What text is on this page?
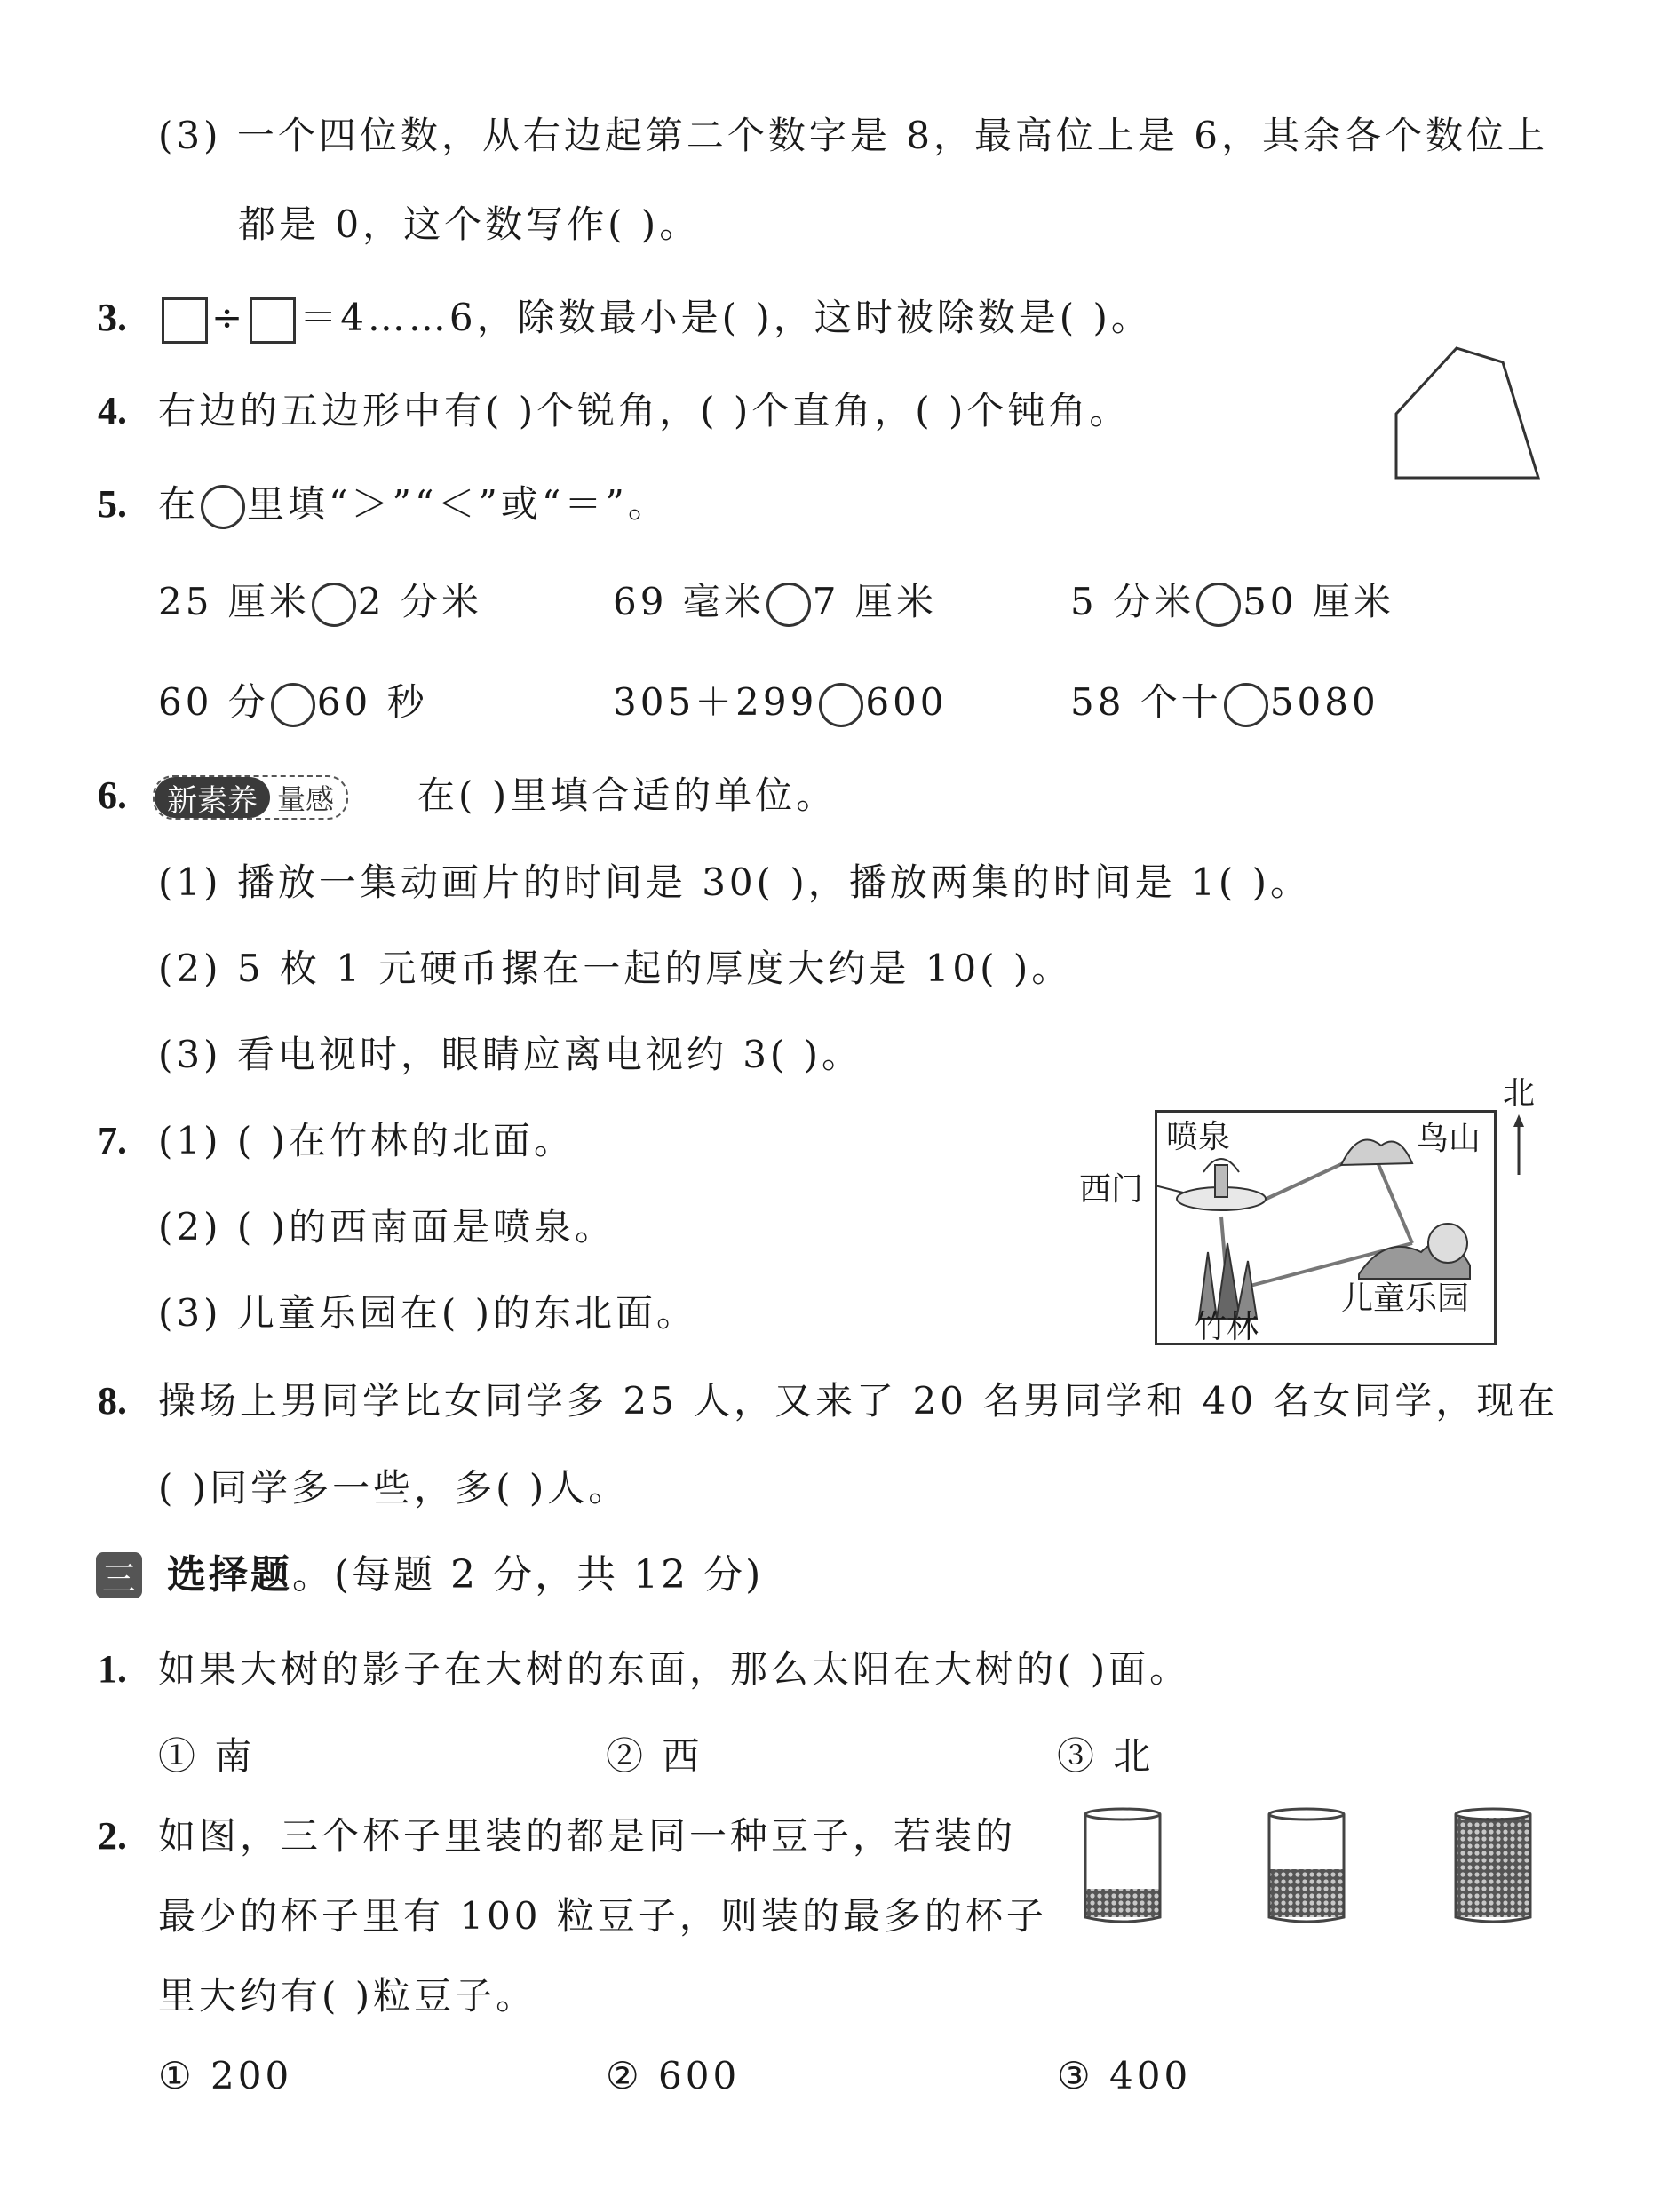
(3) 一个四位数，从右边起第二个数字是 8，最高位上是 6，其余各个数位上
都是 0，这个数写作( )。
3.	÷ ＝4……6，除数最小是( )，这时被除数是( )。
4. 右边的五边形中有( )个锐角，( )个直角，( )个钝角。
5. 在 里填“＞”“＜”或“＝”。
25 厘米 2 分米	69 毫米 7 厘米	5 分米 50 厘米
60 分 60 秒	305＋299 600	58 个十 5080
6.	新素养 量感	在( )里填合适的单位。
(1) 播放一集动画片的时间是 30( )，播放两集的时间是 1( )。
(2) 5 枚 1 元硬币摞在一起的厚度大约是 10( )。
(3) 看电视时，眼睛应离电视约 3( )。
7. (1) ( )在竹林的北面。
(2) ( )的西南面是喷泉。
(3) 儿童乐园在( )的东北面。
喷泉	鸟山
竹林
儿童乐园
西门
北
8. 操场上男同学比女同学多 25 人，又来了 20 名男同学和 40 名女同学，现在
( )同学多一些，多( )人。
三 选择题。(每题 2 分，共 12 分)
1. 如果大树的影子在大树的东面，那么太阳在大树的( )面。
① 南	② 西	③ 北
2. 如图，三个杯子里装的都是同一种豆子，若装的
最少的杯子里有 100 粒豆子，则装的最多的杯子
里大约有( )粒豆子。
① 200	② 600	③ 400
